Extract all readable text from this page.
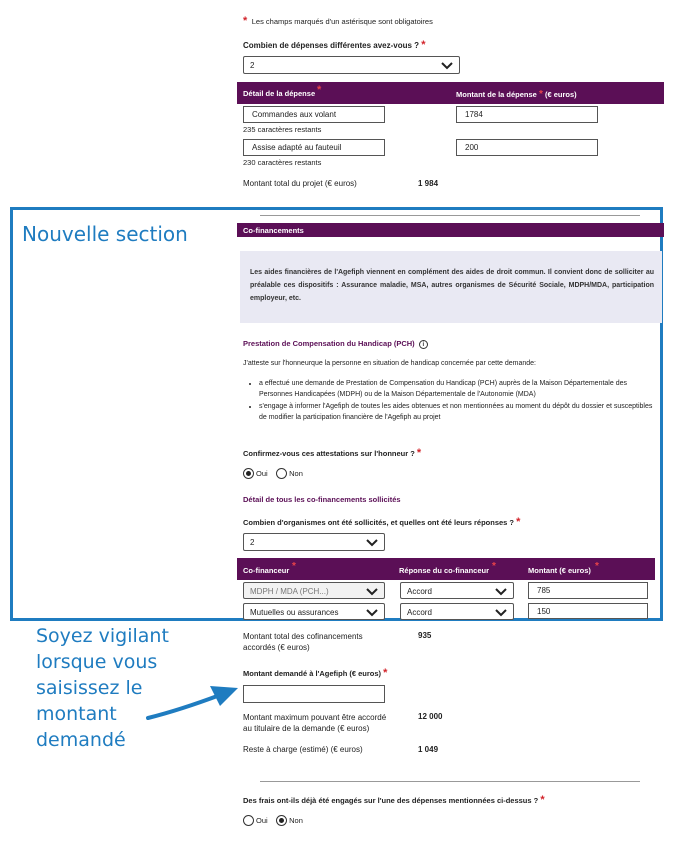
* Les champs marqués d'un astérisque sont obligatoires
Combien de dépenses différentes avez-vous ? *
2
Détail de la dépense *	Montant de la dépense * (€ euros)
Commandes aux volant	1784
235 caractères restants
Assise adapté au fauteuil	200
230 caractères restants
Montant total du projet (€ euros)	1 984
Nouvelle section	Co-financements
Les aides financières de l'Agefiph viennent en complément des aides de droit commun. Il convient donc de solliciter au préalable ces dispositifs : Assurance maladie, MSA, autres organismes de Sécurité Sociale, MDPH/MDA, participation employeur, etc.
Prestation de Compensation du Handicap (PCH) i
J'atteste sur l'honneurque la personne en situation de handicap concernée par cette demande:
• a effectué une demande de Prestation de Compensation du Handicap (PCH) auprès de la Maison Départementale des Personnes Handicapées (MDPH) ou de la Maison Départementale de l'Autonomie (MDA)
• s'engage à informer l'Agefiph de toutes les aides obtenues et non mentionnées au moment du dépôt du dossier et susceptibles de modifier la participation financière de l'Agefiph au projet
Confirmez-vous ces attestations sur l'honneur ? *
Oui	Non
Détail de tous les co-financements sollicités
Combien d'organismes ont été sollicités, et quelles ont été leurs réponses ? *
2
Co-financeur *	Réponse du co-financeur *	Montant (€ euros) *
MDPH / MDA (PCH...)	Accord	785
Mutuelles ou assurances	Accord	150
Soyez vigilant
lorsque vous
saisissez le
montant
demandé
Montant total des cofinancements
accordés (€ euros)
935
Montant demandé à l'Agefiph (€ euros) *
Montant maximum pouvant être accordé
au titulaire de la demande (€ euros)
12 000
Reste à charge (estimé) (€ euros)	1 049
Des frais ont-ils déjà été engagés sur l'une des dépenses mentionnées ci-dessus ? *
Oui	Non
